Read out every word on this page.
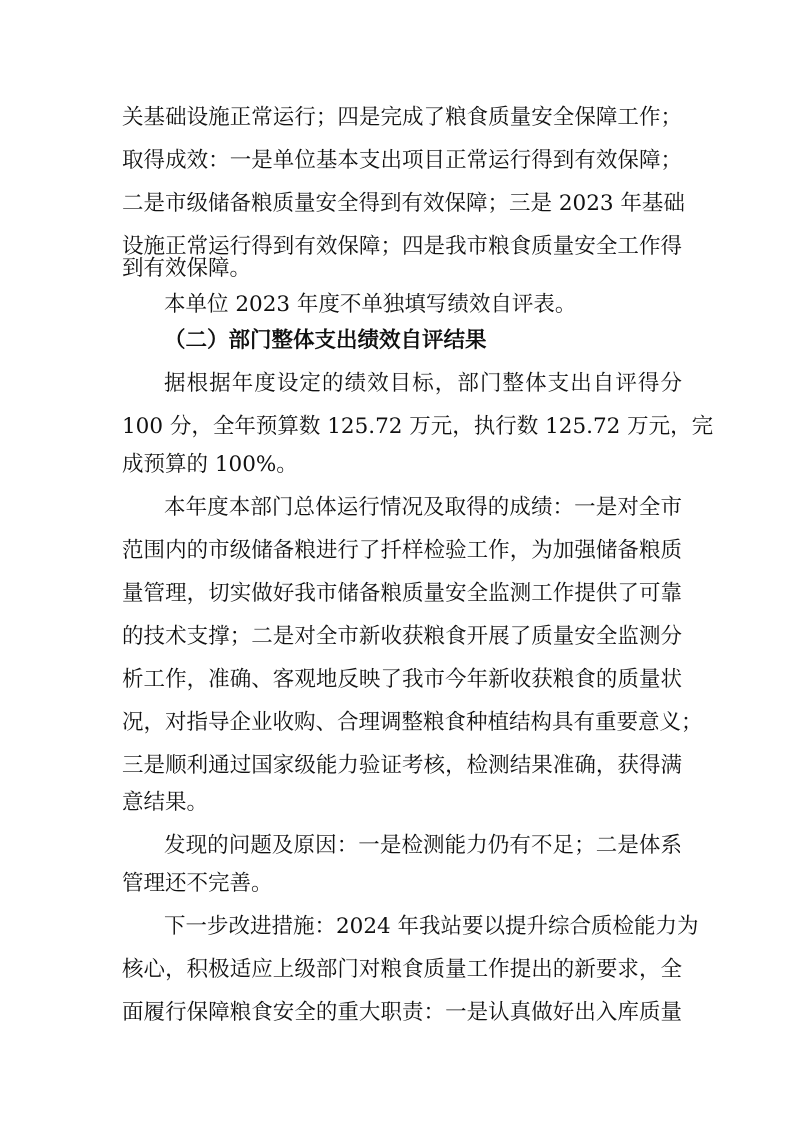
关基础设施正常运行；四是完成了粮食质量安全保障工作；
取得成效：一是单位基本支出项目正常运行得到有效保障；
二是市级储备粮质量安全得到有效保障；三是 2023 年基础
设施正常运行得到有效保障；四是我市粮食质量安全工作得
到有效保障。
本单位 2023 年度不单独填写绩效自评表。
（二）部门整体支出绩效自评结果
据根据年度设定的绩效目标，部门整体支出自评得分
100 分，全年预算数 125.72 万元，执行数 125.72 万元，完
成预算的 100%。
本年度本部门总体运行情况及取得的成绩：一是对全市
范围内的市级储备粮进行了扦样检验工作，为加强储备粮质
量管理，切实做好我市储备粮质量安全监测工作提供了可靠
的技术支撑；二是对全市新收获粮食开展了质量安全监测分
析工作，准确、客观地反映了我市今年新收获粮食的质量状
况，对指导企业收购、合理调整粮食种植结构具有重要意义；
三是顺利通过国家级能力验证考核，检测结果准确，获得满
意结果。
发现的问题及原因：一是检测能力仍有不足；二是体系
管理还不完善。
下一步改进措施：2024 年我站要以提升综合质检能力为
核心，积极适应上级部门对粮食质量工作提出的新要求，全
面履行保障粮食安全的重大职责：一是认真做好出入库质量
